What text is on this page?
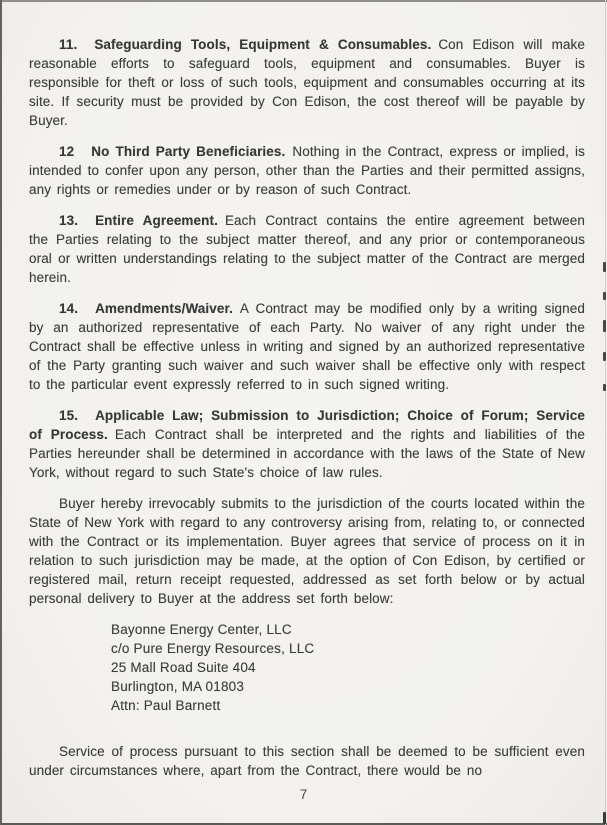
11. Safeguarding Tools, Equipment & Consumables. Con Edison will make reasonable efforts to safeguard tools, equipment and consumables. Buyer is responsible for theft or loss of such tools, equipment and consumables occurring at its site. If security must be provided by Con Edison, the cost thereof will be payable by Buyer.

12 No Third Party Beneficiaries. Nothing in the Contract, express or implied, is intended to confer upon any person, other than the Parties and their permitted assigns, any rights or remedies under or by reason of such Contract.

13. Entire Agreement. Each Contract contains the entire agreement between the Parties relating to the subject matter thereof, and any prior or contemporaneous oral or written understandings relating to the subject matter of the Contract are merged herein.

14. Amendments/Waiver. A Contract may be modified only by a writing signed by an authorized representative of each Party. No waiver of any right under the Contract shall be effective unless in writing and signed by an authorized representative of the Party granting such waiver and such waiver shall be effective only with respect to the particular event expressly referred to in such signed writing.

15. Applicable Law; Submission to Jurisdiction; Choice of Forum; Service of Process. Each Contract shall be interpreted and the rights and liabilities of the Parties hereunder shall be determined in accordance with the laws of the State of New York, without regard to such State's choice of law rules.

Buyer hereby irrevocably submits to the jurisdiction of the courts located within the State of New York with regard to any controversy arising from, relating to, or connected with the Contract or its implementation. Buyer agrees that service of process on it in relation to such jurisdiction may be made, at the option of Con Edison, by certified or registered mail, return receipt requested, addressed as set forth below or by actual personal delivery to Buyer at the address set forth below:

Bayonne Energy Center, LLC
c/o Pure Energy Resources, LLC
25 Mall Road Suite 404
Burlington, MA 01803
Attn: Paul Barnett

Service of process pursuant to this section shall be deemed to be sufficient even under circumstances where, apart from the Contract, there would be no

7
